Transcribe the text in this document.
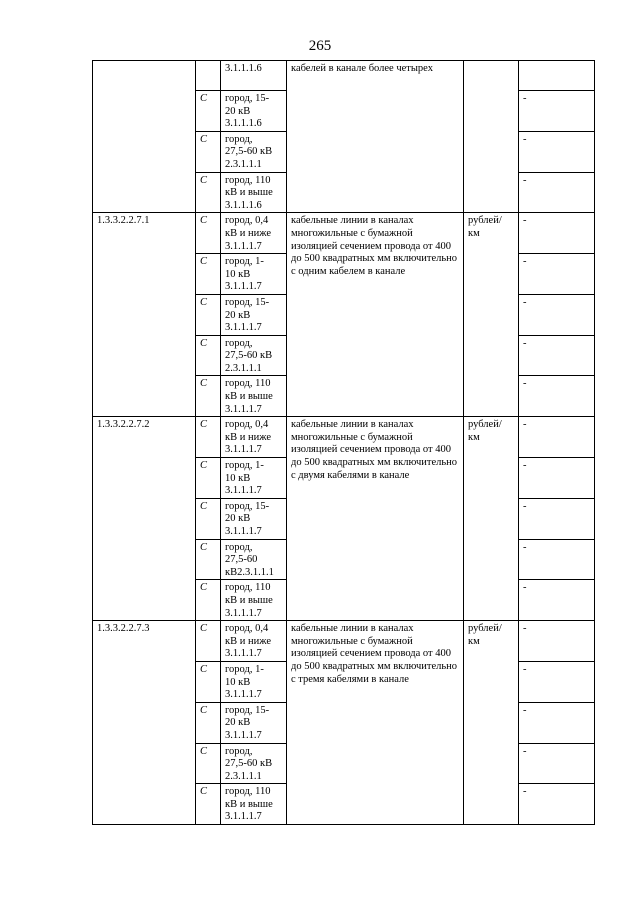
265
		3.1.1.1.6	кабелей в канале более четырех		
	C	город, 15-
20 кВ
3.1.1.1.6			-
	C	город,
27,5-60 кВ
2.3.1.1.1			-
	C	город, 110
кВ и выше
3.1.1.1.6			-
1.3.3.2.2.7.1	C	город, 0,4
кВ и ниже
3.1.1.1.7	кабельные линии в каналах многожильные с бумажной изоляцией сечением провода от 400 до 500 квадратных мм включительно с одним кабелем в канале	рублей/
км	-
	C	город, 1-
10 кВ
3.1.1.1.7			-
	C	город, 15-
20 кВ
3.1.1.1.7			-
	C	город,
27,5-60 кВ
2.3.1.1.1			-
	C	город, 110
кВ и выше
3.1.1.1.7			-
1.3.3.2.2.7.2	C	город, 0,4
кВ и ниже
3.1.1.1.7	кабельные линии в каналах многожильные с бумажной изоляцией сечением провода от 400 до 500 квадратных мм включительно с двумя кабелями в канале	рублей/
км	-
	C	город, 1-
10 кВ
3.1.1.1.7			-
	C	город, 15-
20 кВ
3.1.1.1.7			-
	C	город,
27,5-60
кВ2.3.1.1.1			-
	C	город, 110
кВ и выше
3.1.1.1.7			-
1.3.3.2.2.7.3	C	город, 0,4
кВ и ниже
3.1.1.1.7	кабельные линии в каналах многожильные с бумажной изоляцией сечением провода от 400 до 500 квадратных мм включительно с тремя кабелями в канале	рублей/
км	-
	C	город, 1-
10 кВ
3.1.1.1.7			-
	C	город, 15-
20 кВ
3.1.1.1.7			-
	C	город,
27,5-60 кВ
2.3.1.1.1			-
	C	город, 110
кВ и выше
3.1.1.1.7			-
